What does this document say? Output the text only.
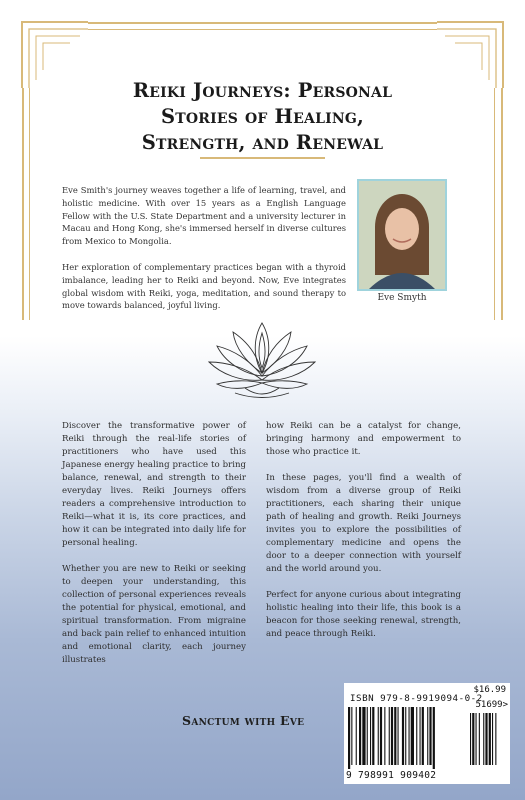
Reiki Journeys: Personal
Stories of Healing,
Strength, and Renewal

Eve Smith's journey weaves together a life of learning, travel, and holistic medicine. With over 15 years as a English Language Fellow with the U.S. State Department and a university lecturer in Macau and Hong Kong, she's immersed herself in diverse cultures from Mexico to Mongolia.

Her exploration of complementary practices began with a thyroid imbalance, leading her to Reiki and beyond. Now, Eve integrates global wisdom with Reiki, yoga, meditation, and sound therapy to move towards balanced, joyful living.

Eve Smyth

Discover the transformative power of Reiki through the real-life stories of practitioners who have used this Japanese energy healing practice to bring balance, renewal, and strength to their everyday lives. Reiki Journeys offers readers a comprehensive introduction to Reiki—what it is, its core practices, and how it can be integrated into daily life for personal healing.

Whether you are new to Reiki or seeking to deepen your understanding, this collection of personal experiences reveals the potential for physical, emotional, and spiritual transformation. From migraine and back pain relief to enhanced intuition and emotional clarity, each journey illustrates

how Reiki can be a catalyst for change, bringing harmony and empowerment to those who practice it.

In these pages, you'll find a wealth of wisdom from a diverse group of Reiki practitioners, each sharing their unique path of healing and growth. Reiki Journeys invites you to explore the possibilities of complementary medicine and opens the door to a deeper connection with yourself and the world around you.

Perfect for anyone curious about integrating holistic healing into their life, this book is a beacon for those seeking renewal, strength, and peace through Reiki.

Sanctum with Eve
ISBN 979-8-9919094-0-2
$16.99
51699>
9 798991 909402
